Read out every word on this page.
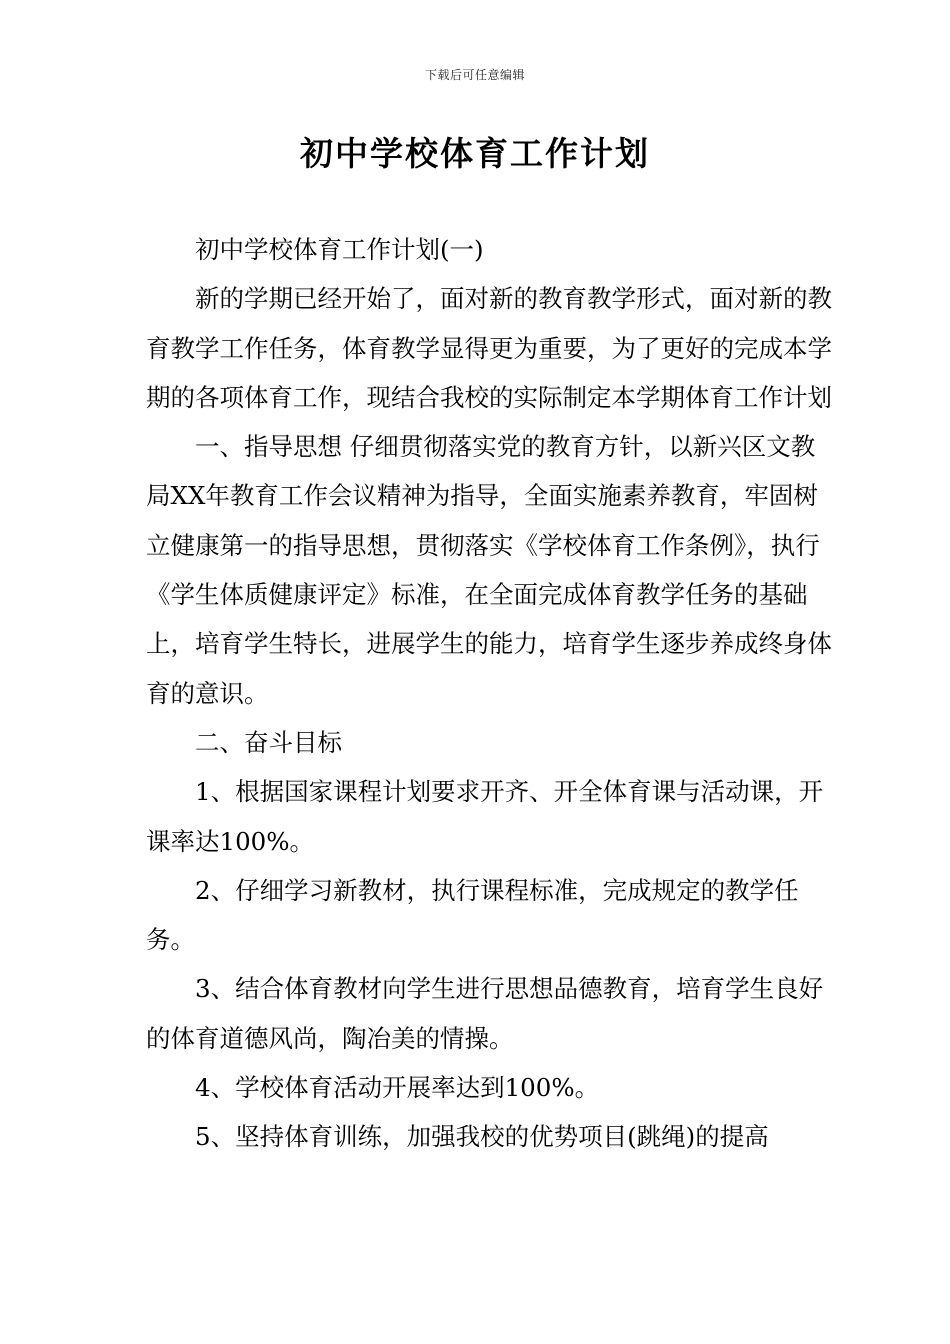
下载后可任意编辑
初中学校体育工作计划

初中学校体育工作计划(一)

新的学期已经开始了，面对新的教育教学形式，面对新的教育教学工作任务，体育教学显得更为重要，为了更好的完成本学期的各项体育工作，现结合我校的实际制定本学期体育工作计划

一、指导思想 仔细贯彻落实党的教育方针，以新兴区文教局XX年教育工作会议精神为指导，全面实施素养教育，牢固树立健康第一的指导思想，贯彻落实《学校体育工作条例》，执行《学生体质健康评定》标准，在全面完成体育教学任务的基础上，培育学生特长，进展学生的能力，培育学生逐步养成终身体育的意识。

二、奋斗目标

1、根据国家课程计划要求开齐、开全体育课与活动课，开课率达100%。

2、仔细学习新教材，执行课程标准，完成规定的教学任务。

3、结合体育教材向学生进行思想品德教育，培育学生良好的体育道德风尚，陶冶美的情操。

4、学校体育活动开展率达到100%。

5、坚持体育训练，加强我校的优势项目(跳绳)的提高
